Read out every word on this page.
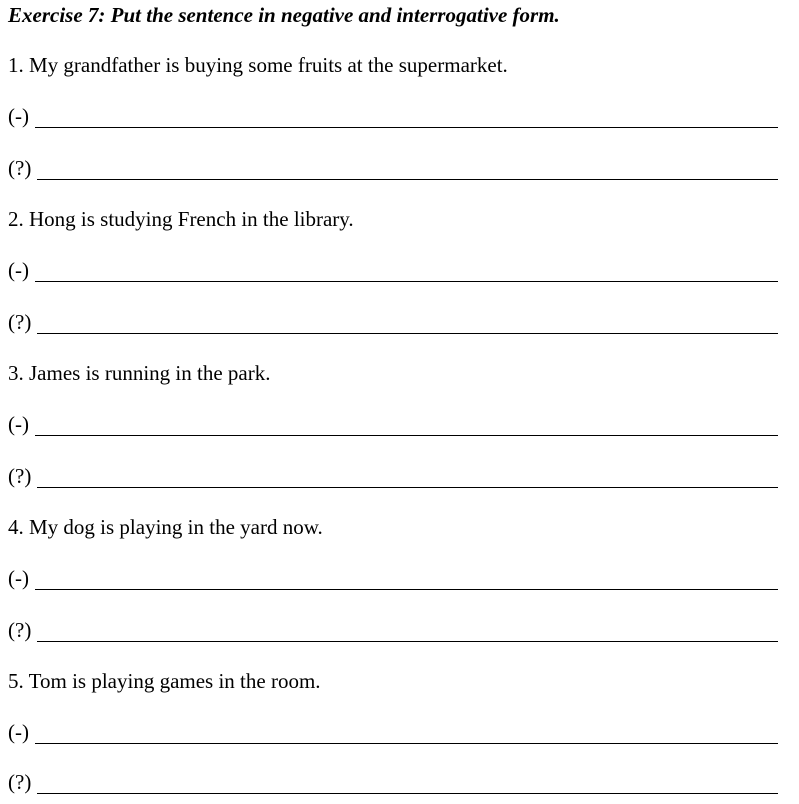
Exercise 7: Put the sentence in negative and interrogative form.
1. My grandfather is buying some fruits at the supermarket.
(-)
(?)
2. Hong is studying French in the library.
(-)
(?)
3. James is running in the park.
(-)
(?)
4. My dog is playing in the yard now.
(-)
(?)
5. Tom is playing games in the room.
(-)
(?)
